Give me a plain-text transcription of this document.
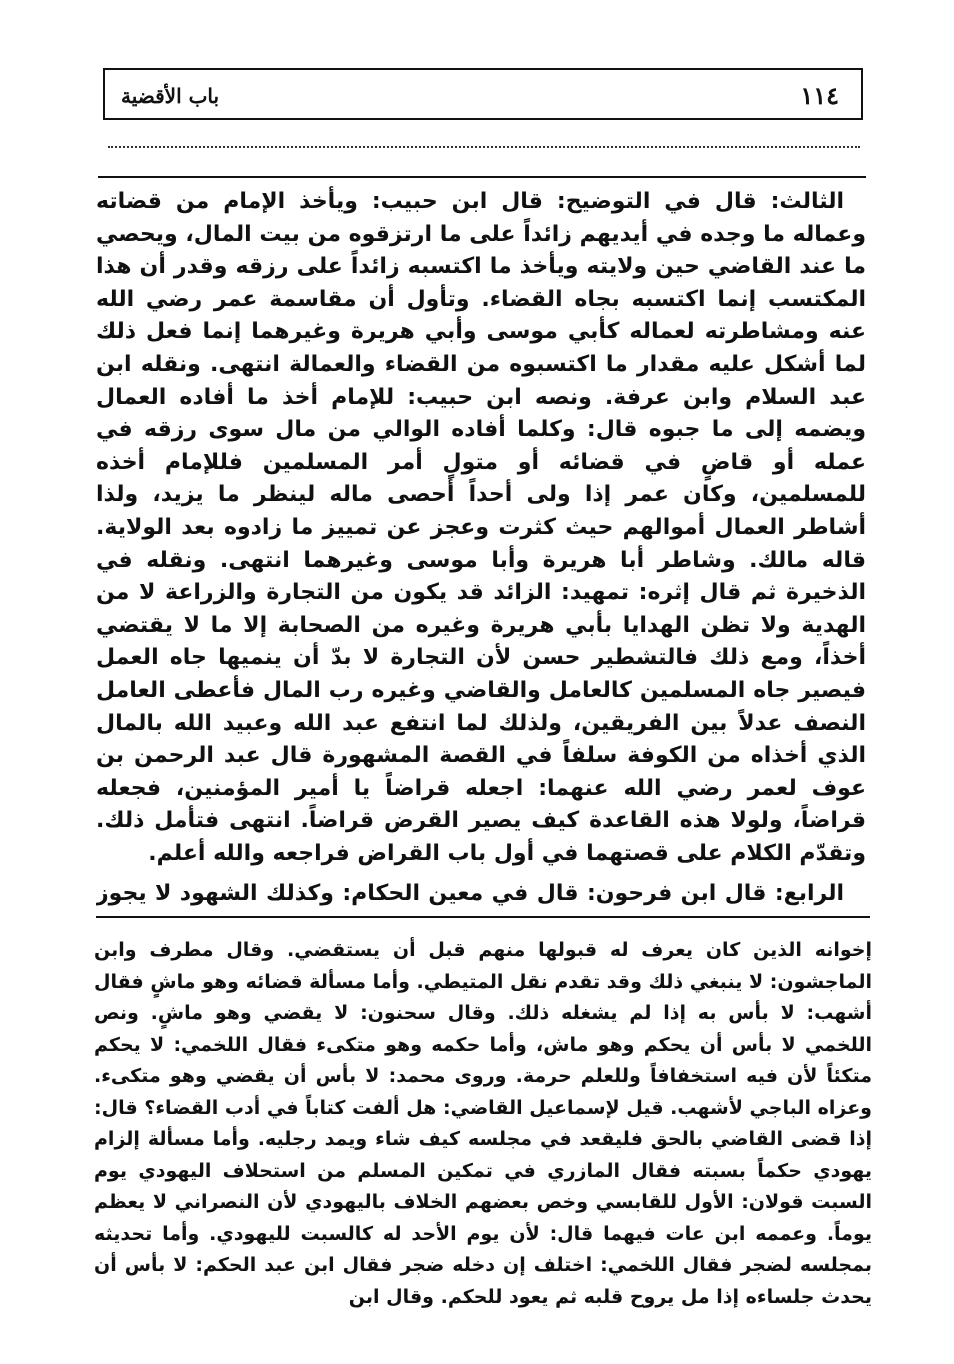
١١٤
باب الأقضية

الثالث: قال في التوضيح: قال ابن حبيب: ويأخذ الإمام من قضاته وعماله ما وجده في أيديهم زائداً على ما ارتزقوه من بيت المال، ويحصي ما عند القاضي حين ولايته ويأخذ ما اكتسبه زائداً على رزقه وقدر أن هذا المكتسب إنما اكتسبه بجاه القضاء. وتأول أن مقاسمة عمر رضي الله عنه ومشاطرته لعماله كأبي موسى وأبي هريرة وغيرهما إنما فعل ذلك لما أشكل عليه مقدار ما اكتسبوه من القضاء والعمالة انتهى. ونقله ابن عبد السلام وابن عرفة. ونصه ابن حبيب: للإمام أخذ ما أفاده العمال ويضمه إلى ما جبوه قال: وكلما أفاده الوالي من مال سوى رزقه في عمله أو قاضٍ في قضائه أو متولٍ أمر المسلمين فللإمام أخذه للمسلمين، وكان عمر إذا ولى أحداً أحصى ماله لينظر ما يزيد، ولذا أشاطر العمال أموالهم حيث كثرت وعجز عن تمييز ما زادوه بعد الولاية. قاله مالك. وشاطر أبا هريرة وأبا موسى وغيرهما انتهى. ونقله في الذخيرة ثم قال إثره: تمهيد: الزائد قد يكون من التجارة والزراعة لا من الهدية ولا تظن الهدايا بأبي هريرة وغيره من الصحابة إلا ما لا يقتضي أخذاً، ومع ذلك فالتشطير حسن لأن التجارة لا بدّ أن ينميها جاه العمل فيصير جاه المسلمين كالعامل والقاضي وغيره رب المال فأعطى العامل النصف عدلاً بين الفريقين، ولذلك لما انتفع عبد الله وعبيد الله بالمال الذي أخذاه من الكوفة سلفاً في القصة المشهورة قال عبد الرحمن بن عوف لعمر رضي الله عنهما: اجعله قراضاً يا أمير المؤمنين، فجعله قراضاً، ولولا هذه القاعدة كيف يصير القرض قراضاً. انتهى فتأمل ذلك. وتقدّم الكلام على قصتهما في أول باب القراض فراجعه والله أعلم.

الرابع: قال ابن فرحون: قال في معين الحكام: وكذلك الشهود لا يجوز

إخوانه الذين كان يعرف له قبولها منهم قبل أن يستقضي. وقال مطرف وابن الماجشون: لا ينبغي ذلك وقد تقدم نقل المتيطي. وأما مسألة قضائه وهو ماشٍ فقال أشهب: لا بأس به إذا لم يشغله ذلك. وقال سحنون: لا يقضي وهو ماشٍ. ونص اللخمي لا بأس أن يحكم وهو ماش، وأما حكمه وهو متكىء فقال اللخمي: لا يحكم متكئاً لأن فيه استخفافاً وللعلم حرمة. وروى محمد: لا بأس أن يقضي وهو متكىء. وعزاه الباجي لأشهب. قيل لإسماعيل القاضي: هل ألفت كتاباً في أدب القضاء؟ قال: إذا قضى القاضي بالحق فليقعد في مجلسه كيف شاء ويمد رجليه. وأما مسألة إلزام يهودي حكماً بسبته فقال المازري في تمكين المسلم من استحلاف اليهودي يوم السبت قولان: الأول للقابسي وخص بعضهم الخلاف باليهودي لأن النصراني لا يعظم يوماً. وعممه ابن عات فيهما قال: لأن يوم الأحد له كالسبت لليهودي. وأما تحديثه بمجلسه لضجر فقال اللخمي: اختلف إن دخله ضجر فقال ابن عبد الحكم: لا بأس أن يحدث جلساءه إذا مل يروح قلبه ثم يعود للحكم. وقال ابن
